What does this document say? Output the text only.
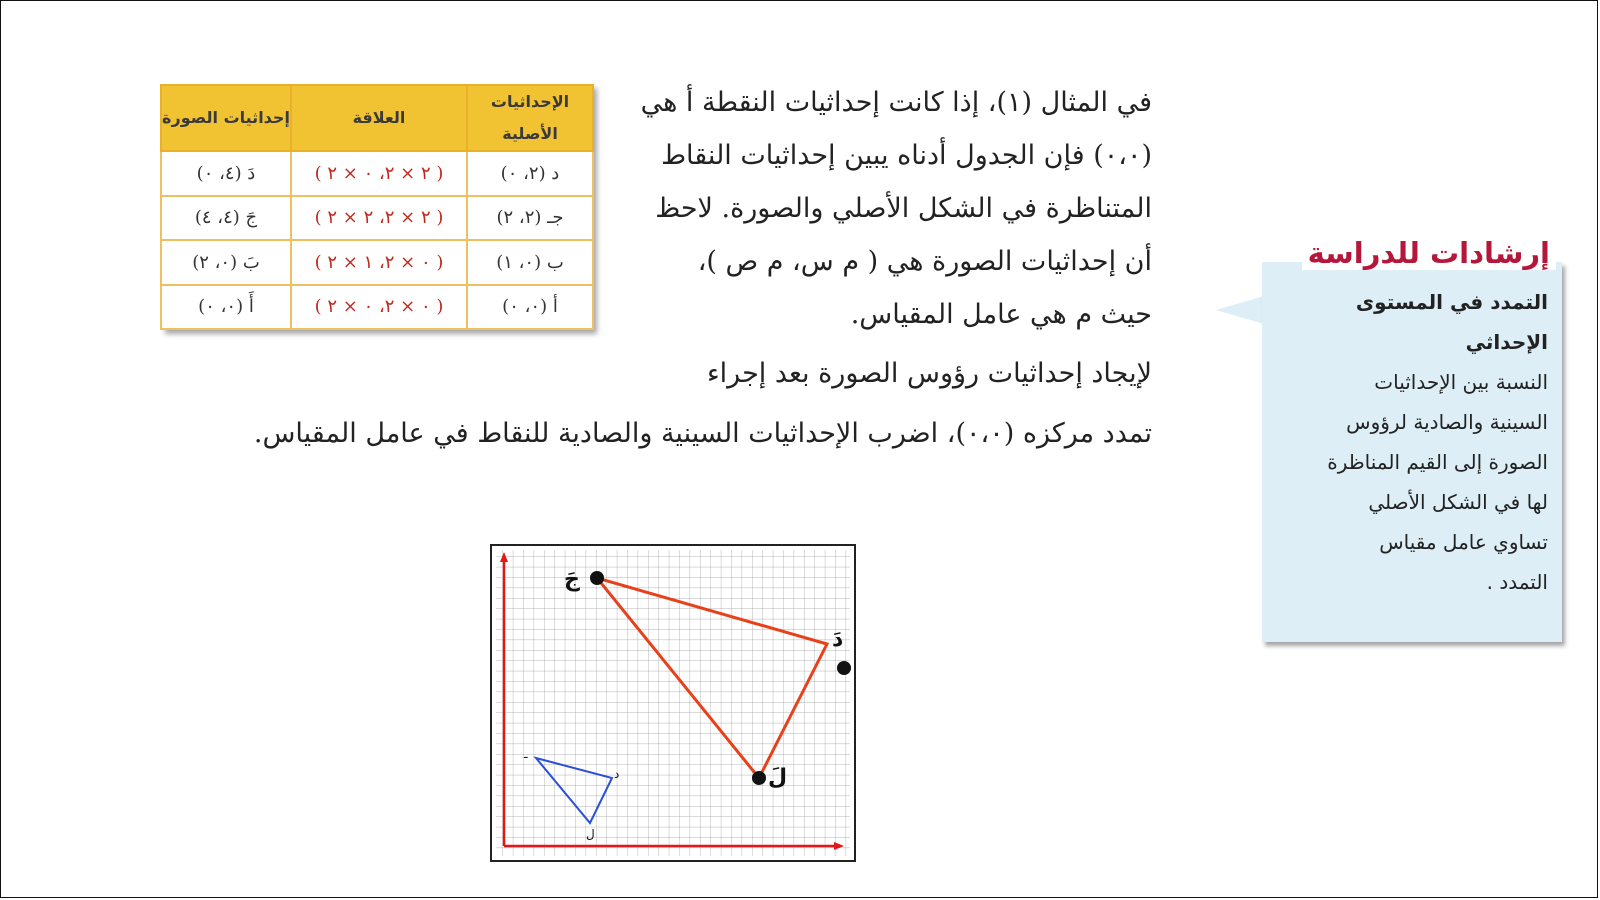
الإحداثيات الأصلية	العلاقة	إحداثيات الصورة
د (٢، ٠)	( ٢ × ٢، ٠ × ٢ )	دَ (٤، ٠)
جـ (٢، ٢)	( ٢ × ٢، ٢ × ٢ )	جَ (٤، ٤)
ب (٠، ١)	( ٠ × ٢، ١ × ٢ )	بَ (٠، ٢)
أ (٠، ٠)	( ٠ × ٢، ٠ × ٢ )	أَ (٠، ٠)

في المثال (١)، إذا كانت إحداثيات النقطة أ هي

(٠،٠) فإن الجدول أدناه يبين إحداثيات النقاط

المتناظرة في الشكل الأصلي والصورة. لاحظ

أن إحداثيات الصورة هي ( م س، م ص )،

حيث م هي عامل المقياس.

لإيجاد إحداثيات رؤوس الصورة بعد إجراء
تمدد مركزه (٠،٠)، اضرب الإحداثيات السينية والصادية للنقاط في عامل المقياس.
إرشادات للدراسة
التمدد في المستوى
الإحداثي
النسبة بين الإحداثيات
السينية والصادية لرؤوس
الصورة إلى القيم المناظرة
لها في الشكل الأصلي
تساوي عامل مقياس
التمدد .
جَ
دَ
لَ
ـ
د
ل
